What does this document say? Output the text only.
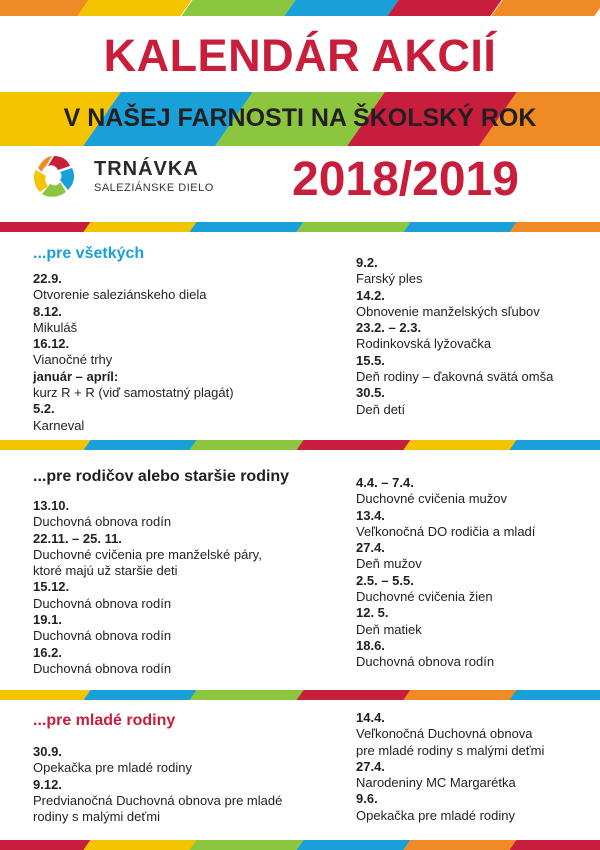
KALENDÁR AKCIÍ
V NAŠEJ FARNOSTI NA ŠKOLSKÝ ROK
TRNÁVKA
SALEZIÁNSKE DIELO 2018/2019
...pre všetkých
...pre rodičov alebo staršie rodiny
...pre mladé rodiny
22.9.
Otvorenie saleziánskeho diela
8.12.
Mikuláš
16.12.
Vianočné trhy
január – apríl:
kurz R + R (viď samostatný plagát)
5.2.
Karneval
9.2.
Farský ples
14.2.
Obnovenie manželských sľubov
23.2. – 2.3.
Rodinkovská lyžovačka
15.5.
Deň rodiny – ďakovná svätá omša
30.5.
Deň detí
13.10.
Duchovná obnova rodín
22.11. – 25. 11.
Duchovné cvičenia pre manželské páry,
ktoré majú už staršie deti
15.12.
Duchovná obnova rodín
19.1.
Duchovná obnova rodín
16.2.
Duchovná obnova rodín
4.4. – 7.4.
Duchovné cvičenia mužov
13.4.
Veľkonočná DO rodičia a mladí
27.4.
Deň mužov
2.5. – 5.5.
Duchovné cvičenia žien
12. 5.
Deň matiek
18.6.
Duchovná obnova rodín
30.9.
Opekačka pre mladé rodiny
9.12.
Predvianočná Duchovná obnova pre mladé
rodiny s malými deťmi
14.4.
Veľkonočná Duchovná obnova
pre mladé rodiny s malými deťmi
27.4.
Narodeniny MC Margarétka
9.6.
Opekačka pre mladé rodiny
